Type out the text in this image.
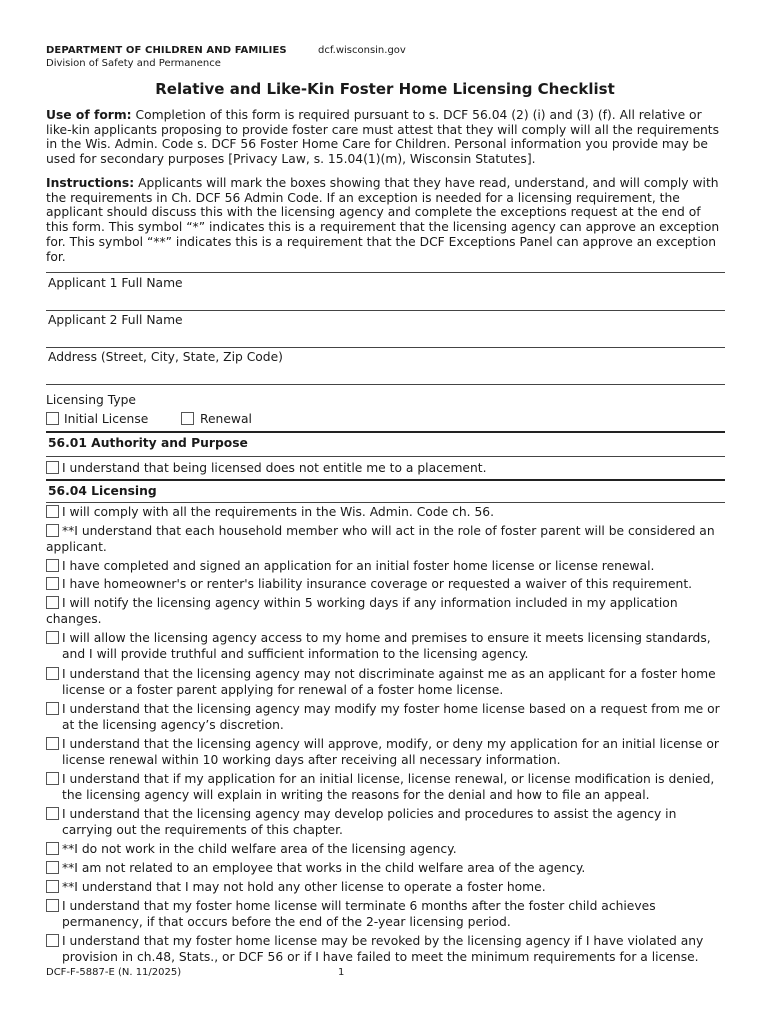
DEPARTMENT OF CHILDREN AND FAMILIES	dcf.wisconsin.gov
Division of Safety and Permanence
Relative and Like-Kin Foster Home Licensing Checklist
Use of form: Completion of this form is required pursuant to s. DCF 56.04 (2) (i) and (3) (f). All relative or like-kin applicants proposing to provide foster care must attest that they will comply will all the requirements in the Wis. Admin. Code s. DCF 56 Foster Home Care for Children. Personal information you provide may be used for secondary purposes [Privacy Law, s. 15.04(1)(m), Wisconsin Statutes].
Instructions: Applicants will mark the boxes showing that they have read, understand, and will comply with the requirements in Ch. DCF 56 Admin Code. If an exception is needed for a licensing requirement, the applicant should discuss this with the licensing agency and complete the exceptions request at the end of this form. This symbol “*” indicates this is a requirement that the licensing agency can approve an exception for. This symbol “**” indicates this is a requirement that the DCF Exceptions Panel can approve an exception for.
Applicant 1 Full Name
Applicant 2 Full Name
Address (Street, City, State, Zip Code)
Licensing Type
Initial License	Renewal
56.01 Authority and Purpose
I understand that being licensed does not entitle me to a placement.
56.04 Licensing
I will comply with all the requirements in the Wis. Admin. Code ch. 56.
**I understand that each household member who will act in the role of foster parent will be considered an applicant.
I have completed and signed an application for an initial foster home license or license renewal.
I have homeowner's or renter's liability insurance coverage or requested a waiver of this requirement.
I will notify the licensing agency within 5 working days if any information included in my application changes.
I will allow the licensing agency access to my home and premises to ensure it meets licensing standards, and I will provide truthful and sufficient information to the licensing agency.
I understand that the licensing agency may not discriminate against me as an applicant for a foster home license or a foster parent applying for renewal of a foster home license.
I understand that the licensing agency may modify my foster home license based on a request from me or at the licensing agency’s discretion.
I understand that the licensing agency will approve, modify, or deny my application for an initial license or license renewal within 10 working days after receiving all necessary information.
I understand that if my application for an initial license, license renewal, or license modification is denied, the licensing agency will explain in writing the reasons for the denial and how to file an appeal.
I understand that the licensing agency may develop policies and procedures to assist the agency in carrying out the requirements of this chapter.
**I do not work in the child welfare area of the licensing agency.
**I am not related to an employee that works in the child welfare area of the agency.
**I understand that I may not hold any other license to operate a foster home.
I understand that my foster home license will terminate 6 months after the foster child achieves permanency, if that occurs before the end of the 2-year licensing period.
I understand that my foster home license may be revoked by the licensing agency if I have violated any provision in ch.48, Stats., or DCF 56 or if I have failed to meet the minimum requirements for a license.
DCF-F-5887-E (N. 11/2025)	1
